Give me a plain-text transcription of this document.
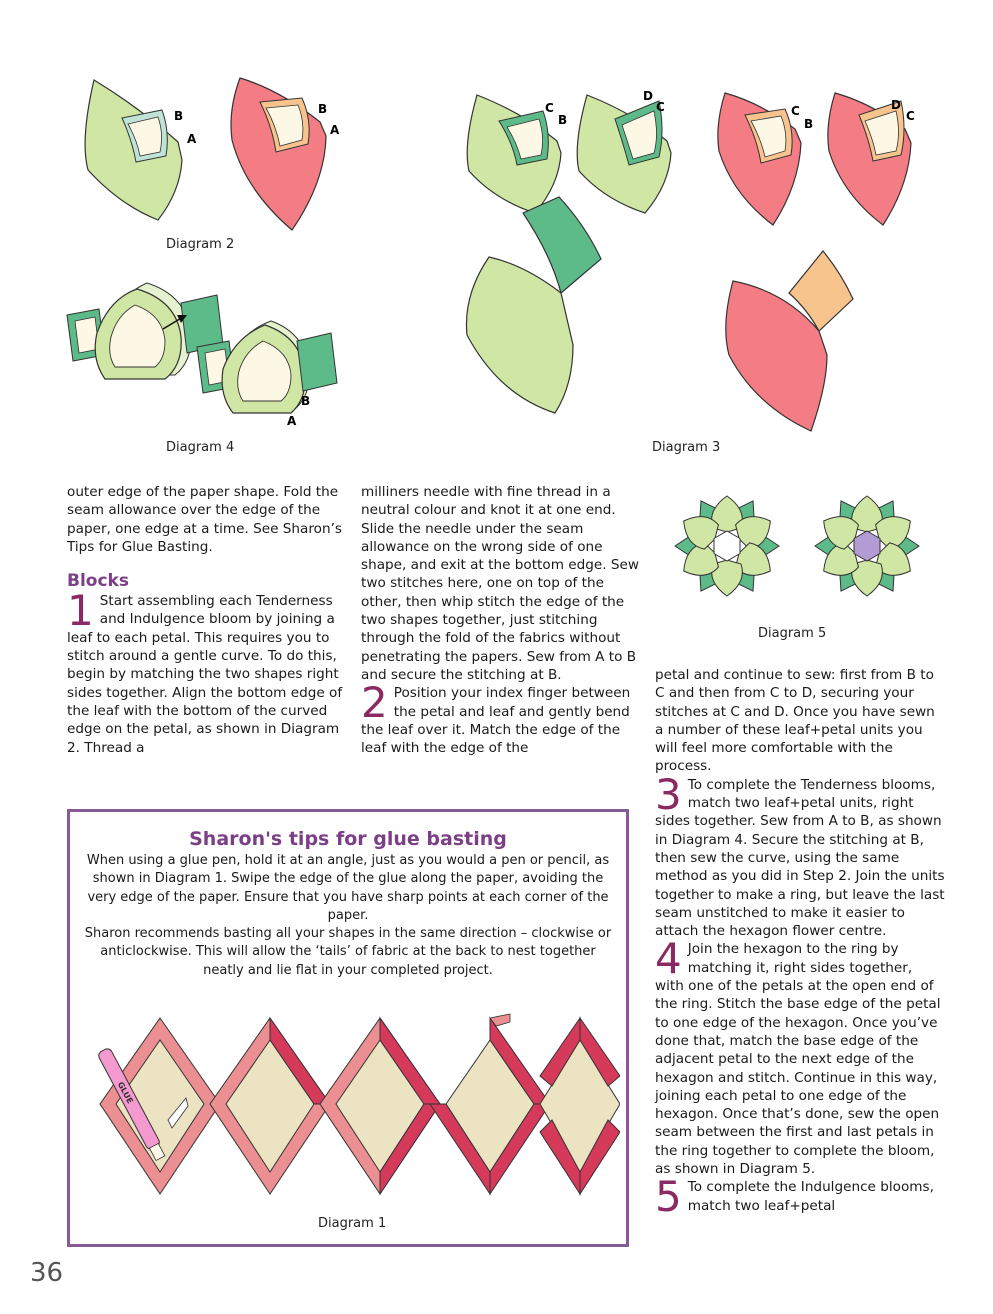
B
A
B
A
Diagram 2
C
B
D
C	C
B
D
C
Diagram 3
B
A
Diagram 4
Diagram 5

outer edge of the paper shape. Fold the seam allowance over the edge of the paper, one edge at a time. See Sharon’s Tips for Glue Basting.

Blocks
1 Start assembling each Tenderness and Indulgence bloom by joining a leaf to each petal. This requires you to stitch around a gentle curve. To do this, begin by matching the two shapes right sides together. Align the bottom edge of the leaf with the bottom of the curved edge on the petal, as shown in Diagram 2. Thread a

milliners needle with fine thread in a neutral colour and knot it at one end. Slide the needle under the seam allowance on the wrong side of one shape, and exit at the bottom edge. Sew two stitches here, one on top of the other, then whip stitch the edge of the two shapes together, just stitching through the fold of the fabrics without penetrating the papers. Sew from A to B and secure the stitching at B.

2 Position your index finger between the petal and leaf and gently bend the leaf over it. Match the edge of the leaf with the edge of the

petal and continue to sew: first from B to C and then from C to D, securing your stitches at C and D. Once you have sewn a number of these leaf+petal units you will feel more comfortable with the process.

3 To complete the Tenderness blooms, match two leaf+petal units, right sides together. Sew from A to B, as shown in Diagram 4. Secure the stitching at B, then sew the curve, using the same method as you did in Step 2. Join the units together to make a ring, but leave the last seam unstitched to make it easier to attach the hexagon flower centre.
4 Join the hexagon to the ring by matching it, right sides together, with one of the petals at the open end of the ring. Stitch the base edge of the petal to one edge of the hexagon. Once you’ve done that, match the base edge of the adjacent petal to the next edge of the hexagon and stitch. Continue in this way, joining each petal to one edge of the hexagon. Once that’s done, sew the open seam between the first and last petals in the ring together to complete the bloom, as shown in Diagram 5.
5 To complete the Indulgence blooms, match two leaf+petal
Sharon's tips for glue basting
When using a glue pen, hold it at an angle, just as you would a pen or pencil, as shown in Diagram 1. Swipe the edge of the glue along the paper, avoiding the very edge of the paper. Ensure that you have sharp points at each corner of the paper.
Sharon recommends basting all your shapes in the same direction – clockwise or anticlockwise. This will allow the ‘tails’ of fabric at the back to nest together neatly and lie flat in your completed project.
GLUE
Diagram 1
36
